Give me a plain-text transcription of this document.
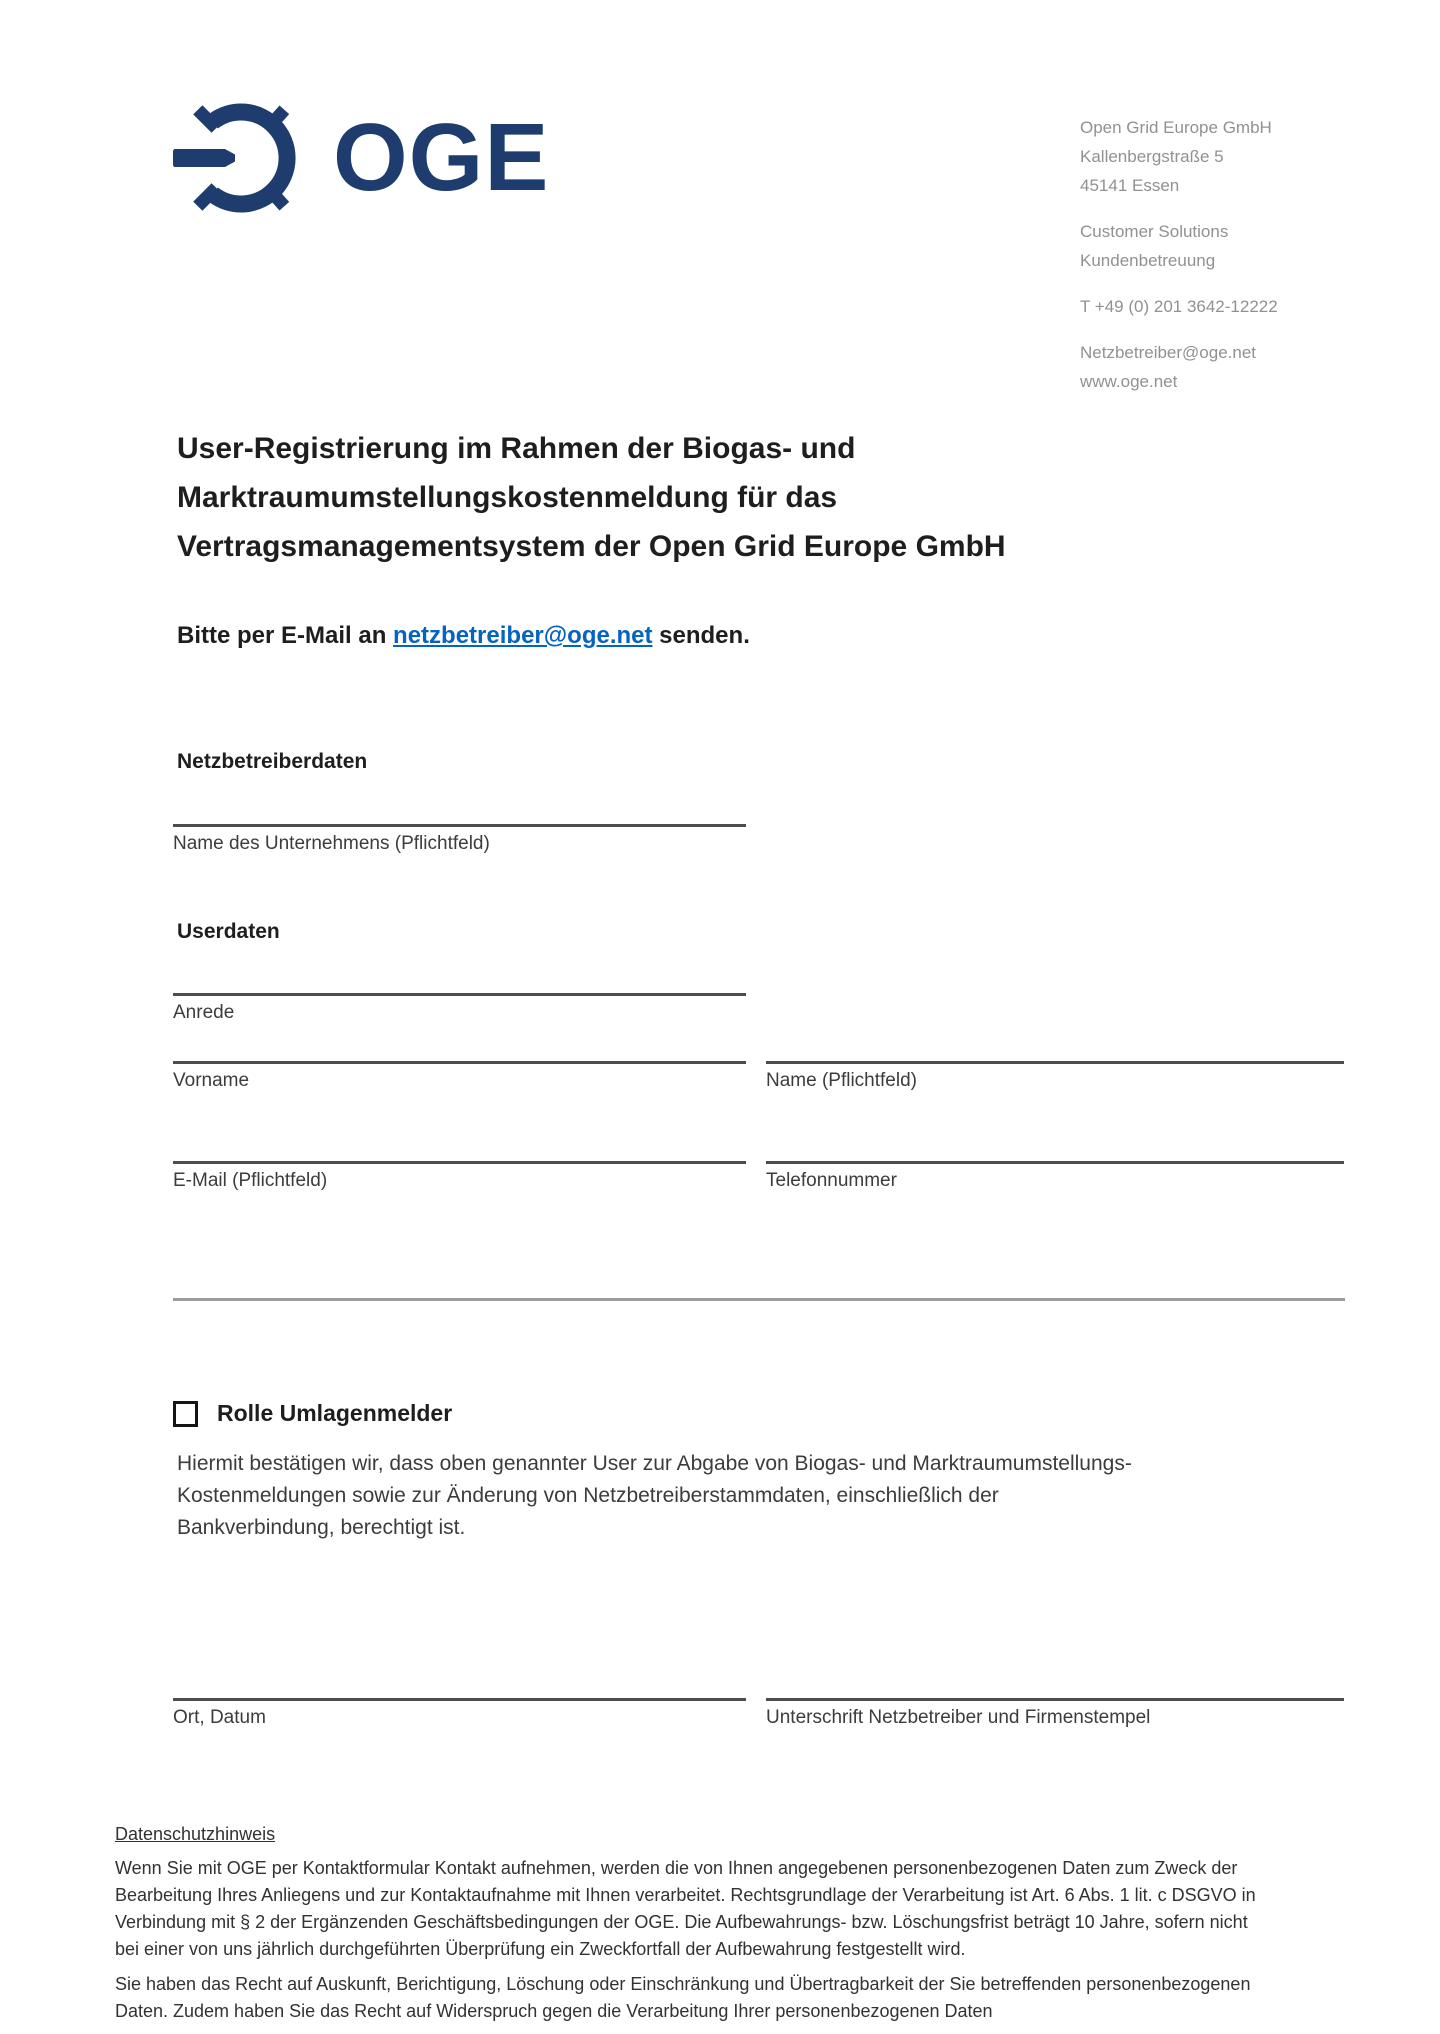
OGE	Open Grid Europe GmbH
Kallenbergstraße 5
45141 Essen
Customer Solutions
Kundenbetreuung
T +49 (0) 201 3642-12222
Netzbetreiber@oge.net
www.oge.net
User-Registrierung im Rahmen der Biogas- und
Marktraumumstellungskostenmeldung für das
Vertragsmanagementsystem der Open Grid Europe GmbH
Bitte per E-Mail an netzbetreiber@oge.net senden.
Netzbetreiberdaten
Name des Unternehmens (Pflichtfeld)
Userdaten
Anrede
Vorname	Name (Pflichtfeld)
E-Mail (Pflichtfeld)	Telefonnummer
Rolle Umlagenmelder
Hiermit bestätigen wir, dass oben genannter User zur Abgabe von Biogas- und Marktraumumstellungs-
Kostenmeldungen sowie zur Änderung von Netzbetreiberstammdaten, einschließlich der
Bankverbindung, berechtigt ist.
Ort, Datum	Unterschrift Netzbetreiber und Firmenstempel
Datenschutzhinweis
Wenn Sie mit OGE per Kontaktformular Kontakt aufnehmen, werden die von Ihnen angegebenen personenbezogenen Daten zum Zweck der
Bearbeitung Ihres Anliegens und zur Kontaktaufnahme mit Ihnen verarbeitet. Rechtsgrundlage der Verarbeitung ist Art. 6 Abs. 1 lit. c DSGVO in
Verbindung mit § 2 der Ergänzenden Geschäftsbedingungen der OGE. Die Aufbewahrungs- bzw. Löschungsfrist beträgt 10 Jahre, sofern nicht
bei einer von uns jährlich durchgeführten Überprüfung ein Zweckfortfall der Aufbewahrung festgestellt wird.
Sie haben das Recht auf Auskunft, Berichtigung, Löschung oder Einschränkung und Übertragbarkeit der Sie betreffenden personenbezogenen
Daten. Zudem haben Sie das Recht auf Widerspruch gegen die Verarbeitung Ihrer personenbezogenen Daten
